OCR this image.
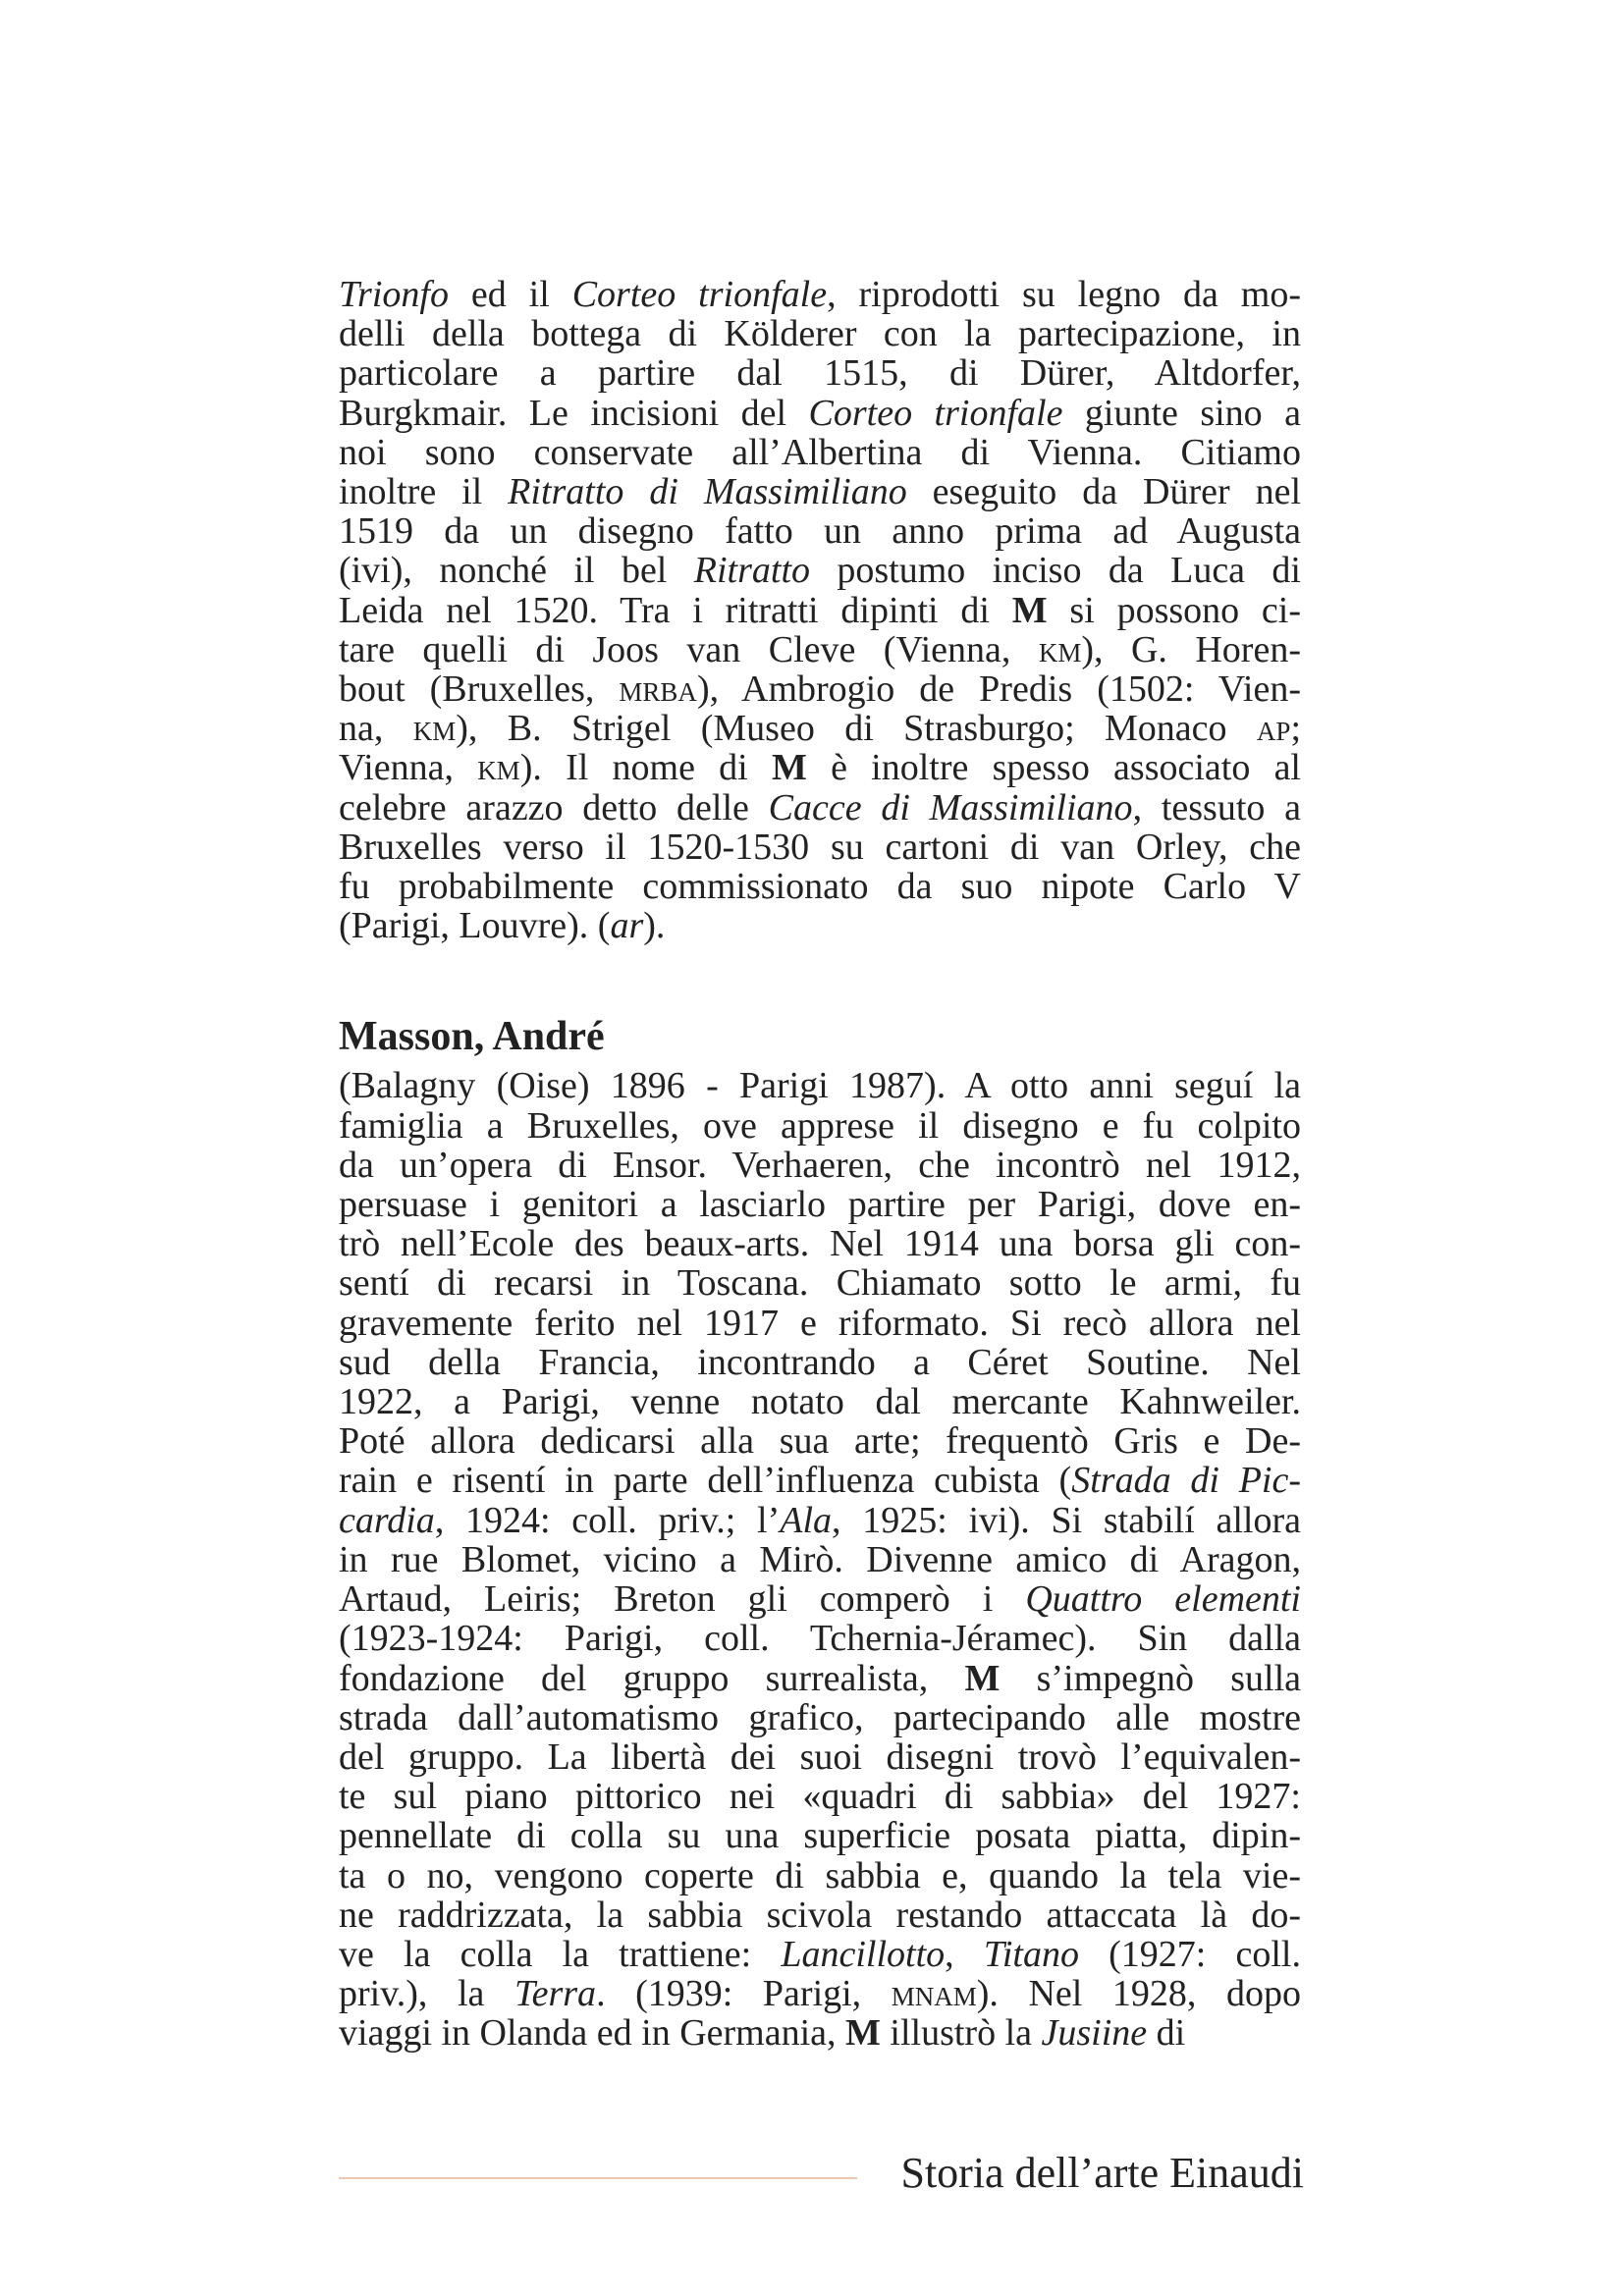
Trionfo ed il Corteo trionfale, riprodotti su legno da mo-
delli della bottega di Kölderer con la partecipazione, in
particolare a partire dal 1515, di Dürer, Altdorfer,
Burgkmair. Le incisioni del Corteo trionfale giunte sino a
noi sono conservate all’Albertina di Vienna. Citiamo
inoltre il Ritratto di Massimiliano eseguito da Dürer nel
1519 da un disegno fatto un anno prima ad Augusta
(ivi), nonché il bel Ritratto postumo inciso da Luca di
Leida nel 1520. Tra i ritratti dipinti di M si possono ci-
tare quelli di Joos van Cleve (Vienna, km), G. Horen-
bout (Bruxelles, mrba), Ambrogio de Predis (1502: Vien-
na, km), B. Strigel (Museo di Strasburgo; Monaco ap;
Vienna, km). Il nome di M è inoltre spesso associato al
celebre arazzo detto delle Cacce di Massimiliano, tessuto a
Bruxelles verso il 1520-1530 su cartoni di van Orley, che
fu probabilmente commissionato da suo nipote Carlo V
(Parigi, Louvre). (ar).
Masson, André
(Balagny (Oise) 1896 - Parigi 1987). A otto anni seguí la
famiglia a Bruxelles, ove apprese il disegno e fu colpito
da un’opera di Ensor. Verhaeren, che incontrò nel 1912,
persuase i genitori a lasciarlo partire per Parigi, dove en-
trò nell’Ecole des beaux-arts. Nel 1914 una borsa gli con-
sentí di recarsi in Toscana. Chiamato sotto le armi, fu
gravemente ferito nel 1917 e riformato. Si recò allora nel
sud della Francia, incontrando a Céret Soutine. Nel
1922, a Parigi, venne notato dal mercante Kahnweiler.
Poté allora dedicarsi alla sua arte; frequentò Gris e De-
rain e risentí in parte dell’influenza cubista (Strada di Pic-
cardia, 1924: coll. priv.; l’Ala, 1925: ivi). Si stabilí allora
in rue Blomet, vicino a Mirò. Divenne amico di Aragon,
Artaud, Leiris; Breton gli comperò i Quattro elementi
(1923-1924: Parigi, coll. Tchernia-Jéramec). Sin dalla
fondazione del gruppo surrealista, M s’impegnò sulla
strada dall’automatismo grafico, partecipando alle mostre
del gruppo. La libertà dei suoi disegni trovò l’equivalen-
te sul piano pittorico nei «quadri di sabbia» del 1927:
pennellate di colla su una superficie posata piatta, dipin-
ta o no, vengono coperte di sabbia e, quando la tela vie-
ne raddrizzata, la sabbia scivola restando attaccata là do-
ve la colla la trattiene: Lancillotto, Titano (1927: coll.
priv.), la Terra. (1939: Parigi, mnam). Nel 1928, dopo
viaggi in Olanda ed in Germania, M illustrò la Jusiine di
Storia dell’arte Einaudi
